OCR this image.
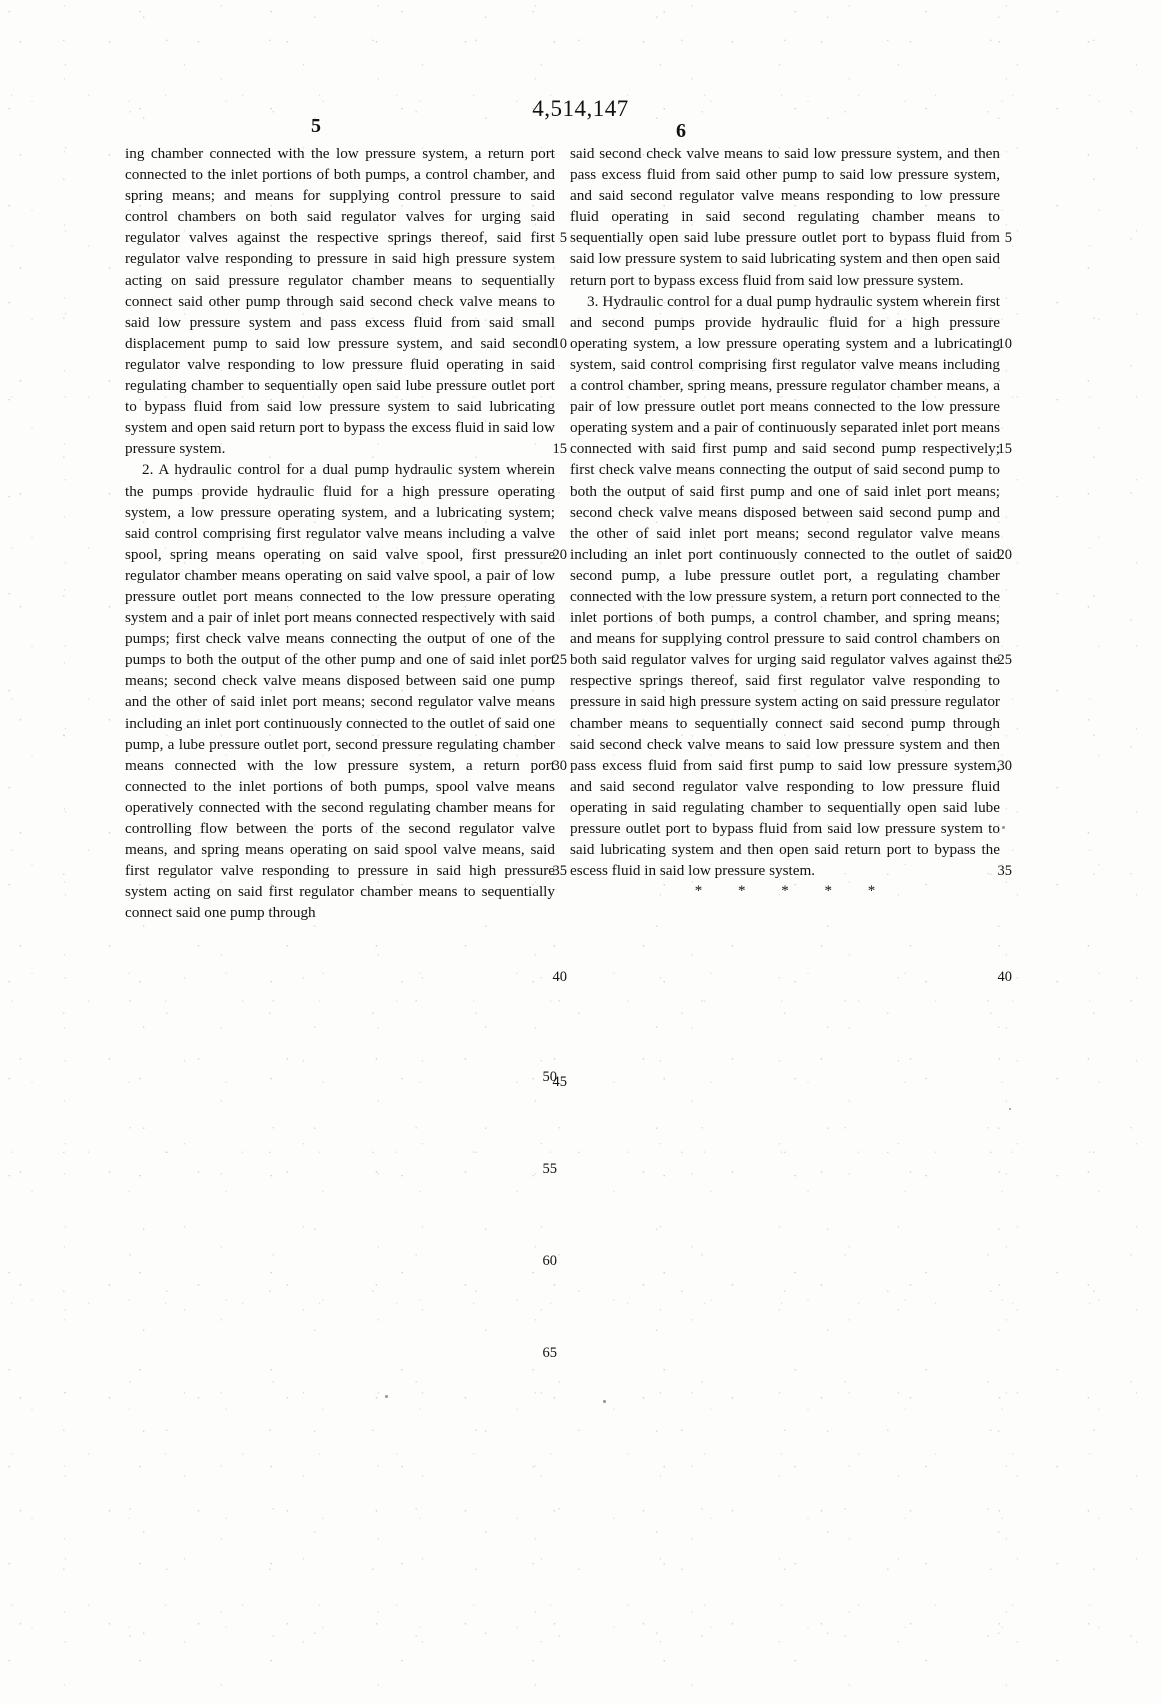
4,514,147
5	6

ing chamber connected with the low pressure system, a return port connected to the inlet portions of both pumps, a control chamber, and spring means; and means for supplying control pressure to said control chambers on both said regulator valves for urging said regulator valves against the respective springs thereof, said first regulator valve responding to pressure in said high pressure system acting on said pressure regulator chamber means to sequentially connect said other pump through said second check valve means to said low pressure system and pass excess fluid from said small displacement pump to said low pressure system, and said second regulator valve responding to low pressure fluid operating in said regulating chamber to sequentially open said lube pressure outlet port to bypass fluid from said low pressure system to said lubricating system and open said return port to bypass the excess fluid in said low pressure system.

2. A hydraulic control for a dual pump hydraulic system wherein the pumps provide hydraulic fluid for a high pressure operating system, a low pressure operating system, and a lubricating system; said control comprising first regulator valve means including a valve spool, spring means operating on said valve spool, first pressure regulator chamber means operating on said valve spool, a pair of low pressure outlet port means connected to the low pressure operating system and a pair of inlet port means connected respectively with said pumps; first check valve means connecting the output of one of the pumps to both the output of the other pump and one of said inlet port means; second check valve means disposed between said one pump and the other of said inlet port means; second regulator valve means including an inlet port continuously connected to the outlet of said one pump, a lube pressure outlet port, second pressure regulating chamber means connected with the low pressure system, a return port connected to the inlet portions of both pumps, spool valve means operatively connected with the second regulating chamber means for controlling flow between the ports of the second regulator valve means, and spring means operating on said spool valve means, said first regulator valve responding to pressure in said high pressure system acting on said first regulator chamber means to sequentially connect said one pump through

5
10
15
20
25
30
35
40
45

said second check valve means to said low pressure system, and then pass excess fluid from said other pump to said low pressure system, and said second regulator valve means responding to low pressure fluid operating in said second regulating chamber means to sequentially open said lube pressure outlet port to bypass fluid from said low pressure system to said lubricating system and then open said return port to bypass excess fluid from said low pressure system.

3. Hydraulic control for a dual pump hydraulic system wherein first and second pumps provide hydraulic fluid for a high pressure operating system, a low pressure operating system and a lubricating system, said control comprising first regulator valve means including a control chamber, spring means, pressure regulator chamber means, a pair of low pressure outlet port means connected to the low pressure operating system and a pair of continuously separated inlet port means connected with said first pump and said second pump respectively; first check valve means connecting the output of said second pump to both the output of said first pump and one of said inlet port means; second check valve means disposed between said second pump and the other of said inlet port means; second regulator valve means including an inlet port continuously connected to the outlet of said second pump, a lube pressure outlet port, a regulating chamber connected with the low pressure system, a return port connected to the inlet portions of both pumps, a control chamber, and spring means; and means for supplying control pressure to said control chambers on both said regulator valves for urging said regulator valves against the respective springs thereof, said first regulator valve responding to pressure in said high pressure system acting on said pressure regulator chamber means to sequentially connect said second pump through said second check valve means to said low pressure system and then pass excess fluid from said first pump to said low pressure system, and said second regulator valve responding to low pressure fluid operating in said regulating chamber to sequentially open said lube pressure outlet port to bypass fluid from said low pressure system to said lubricating system and then open said return port to bypass the escess fluid in said low pressure system.

* * * * *
5
10
15
20
25
30
35
40
50
55
60
65
